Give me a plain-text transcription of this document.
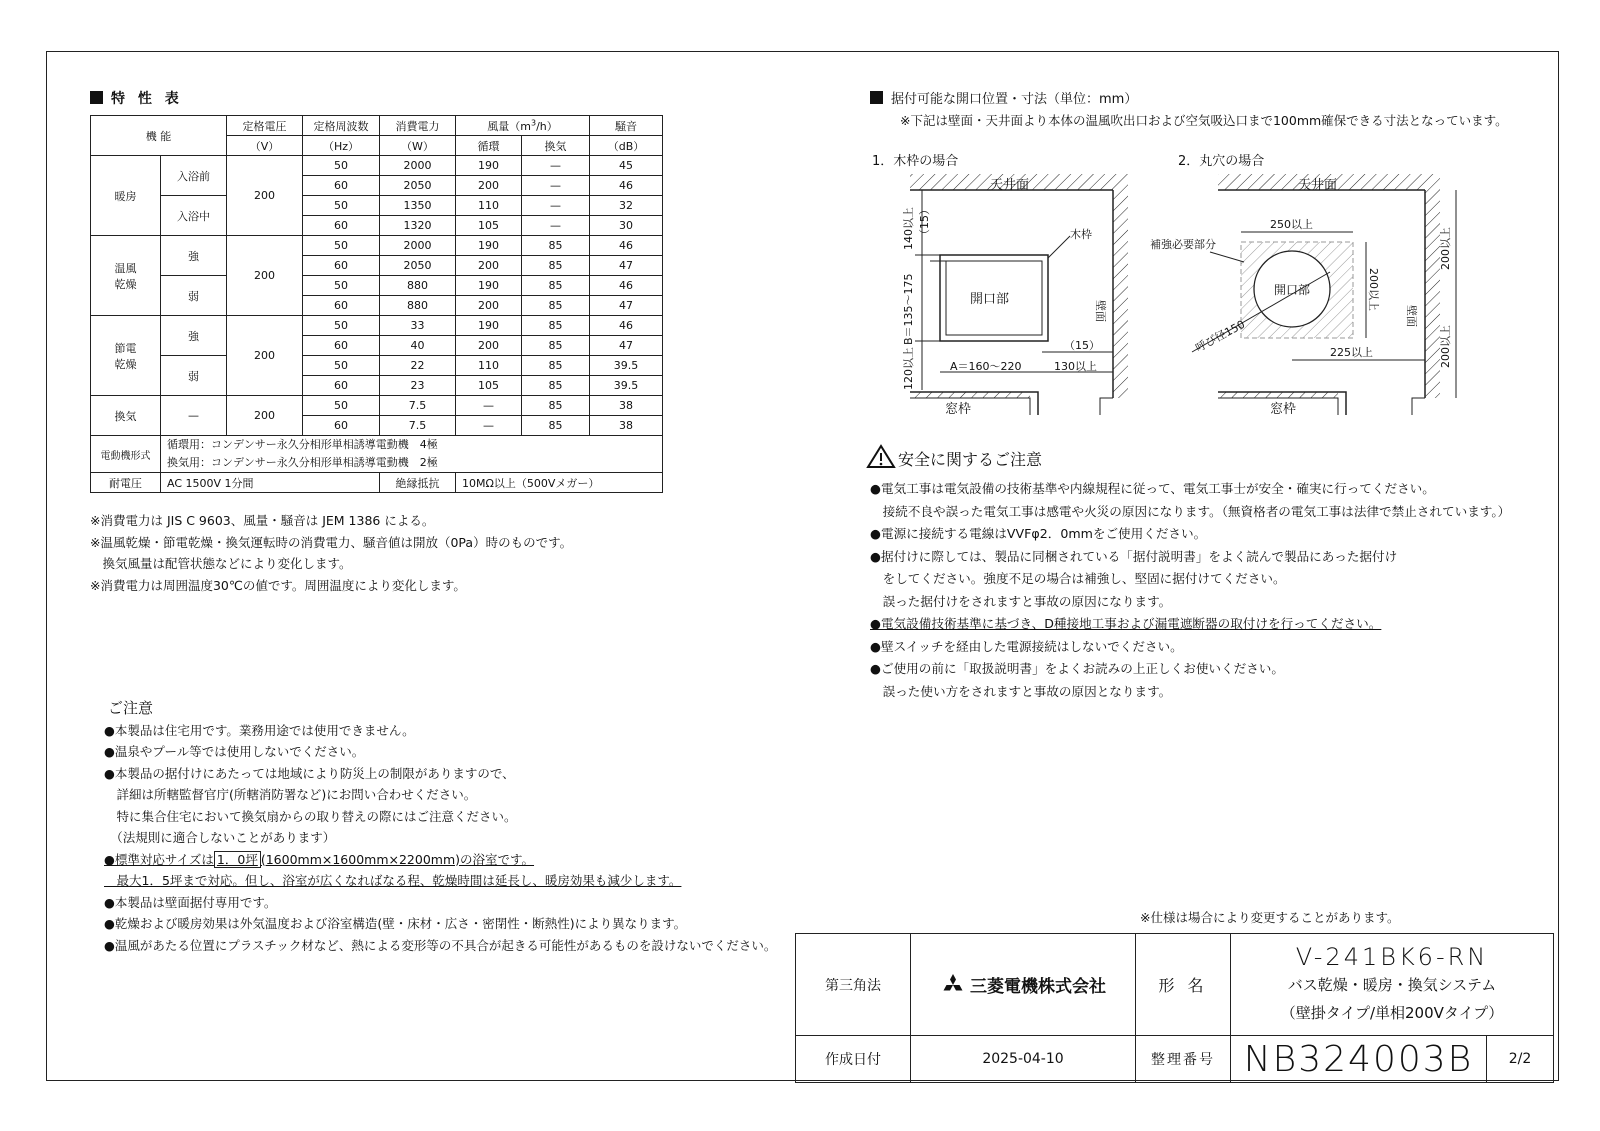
特 性 表
機 能		定格電圧	定格周波数	消費電力	風量$(m^3/h)$		騒音
		（V）	（Hz）	（W）	循環	換気	（dB）
暖房	入浴前	200	50	2000	190	—	45
			60	2050	200	—	46
	入浴中		50	1350	110	—	32
			60	1320	105	—	30
温風
乾燥	強	200	50	2000	190	85	46
			60	2050	200	85	47
	弱		50	880	190	85	46
			60	880	200	85	47
節電
乾燥	強	200	50	33	190	85	46
			60	40	200	85	47
	弱		50	22	110	85	39.5
			60	23	105	85	39.5
換気	—	200	50	7.5	—	85	38
			60	7.5	—	85	38
電動機形式	循環用：コンデンサー永久分相形単相誘導電動機　4極
換気用：コンデンサー永久分相形単相誘導電動機　2極						

耐電圧	AC 1500V 1分間			絶縁抵抗	10MΩ以上（500Vメガー）		

※消費電力は JIS C 9603、風量・騒音は JEM 1386 による。

※温風乾燥・節電乾燥・換気運転時の消費電力、騒音値は開放（0Pa）時のものです。

　換気風量は配管状態などにより変化します。

※消費電力は周囲温度30℃の値です。周囲温度により変化します。

ご注意

●本製品は住宅用です。業務用途では使用できません。

●温泉やプール等では使用しないでください。

●本製品の据付けにあたっては地域により防災上の制限がありますので、

　詳細は所轄監督官庁(所轄消防署など)にお問い合わせください。

　特に集合住宅において換気扇からの取り替えの際にはご注意ください。

　（法規則に適合しないことがあります）

●標準対応サイズは 1．0坪 (1600mm×1600mm×2200mm)の浴室です。

　最大1．5坪まで対応。但し、浴室が広くなればなる程、乾燥時間は延長し、暖房効果も減少します。

●本製品は壁面据付専用です。

●乾燥および暖房効果は外気温度および浴室構造(壁・床材・広さ・密閉性・断熱性)により異なります。

●温風があたる位置にプラスチック材など、熱による変形等の不具合が起きる可能性があるものを設けないでください。

据付可能な開口位置・寸法（単位：mm）
※下記は壁面・天井面より本体の温風吹出口および空気吸込口まで100mm確保できる寸法となっています。
1．木枠の場合	2．丸穴の場合
天井面
壁面
開口部
木枠
140以上 （15）
B＝135～175
120以上	A＝160～220	130以上
（15）
窓枠
天井面
壁面
開口部
補強必要部分
呼び径150
250以上
200以上
200以上
200以上
225以上
窓枠
安全に関するご注意

●電気工事は電気設備の技術基準や内線規程に従って、電気工事士が安全・確実に行ってください。

　接続不良や誤った電気工事は感電や火災の原因になります。（無資格者の電気工事は法律で禁止されています。）

●電源に接続する電線はVVFφ2．0mmをご使用ください。

●据付けに際しては、製品に同梱されている「据付説明書」をよく読んで製品にあった据付け

　をしてください。強度不足の場合は補強し、堅固に据付けてください。

　誤った据付けをされますと事故の原因になります。

●電気設備技術基準に基づき、D種接地工事および漏電遮断器の取付けを行ってください。

●壁スイッチを経由した電源接続はしないでください。

●ご使用の前に「取扱説明書」をよくお読みの上正しくお使いください。

　誤った使い方をされますと事故の原因となります。

※仕様は場合により変更することがあります。
第三角法	三菱電機株式会社	形 名	V-241BK6-RN
バス乾燥・暖房・換気システム
（壁掛タイプ/単相200Vタイプ）	

作成日付	2025-04-10	整理番号	NB324003B	2/2
